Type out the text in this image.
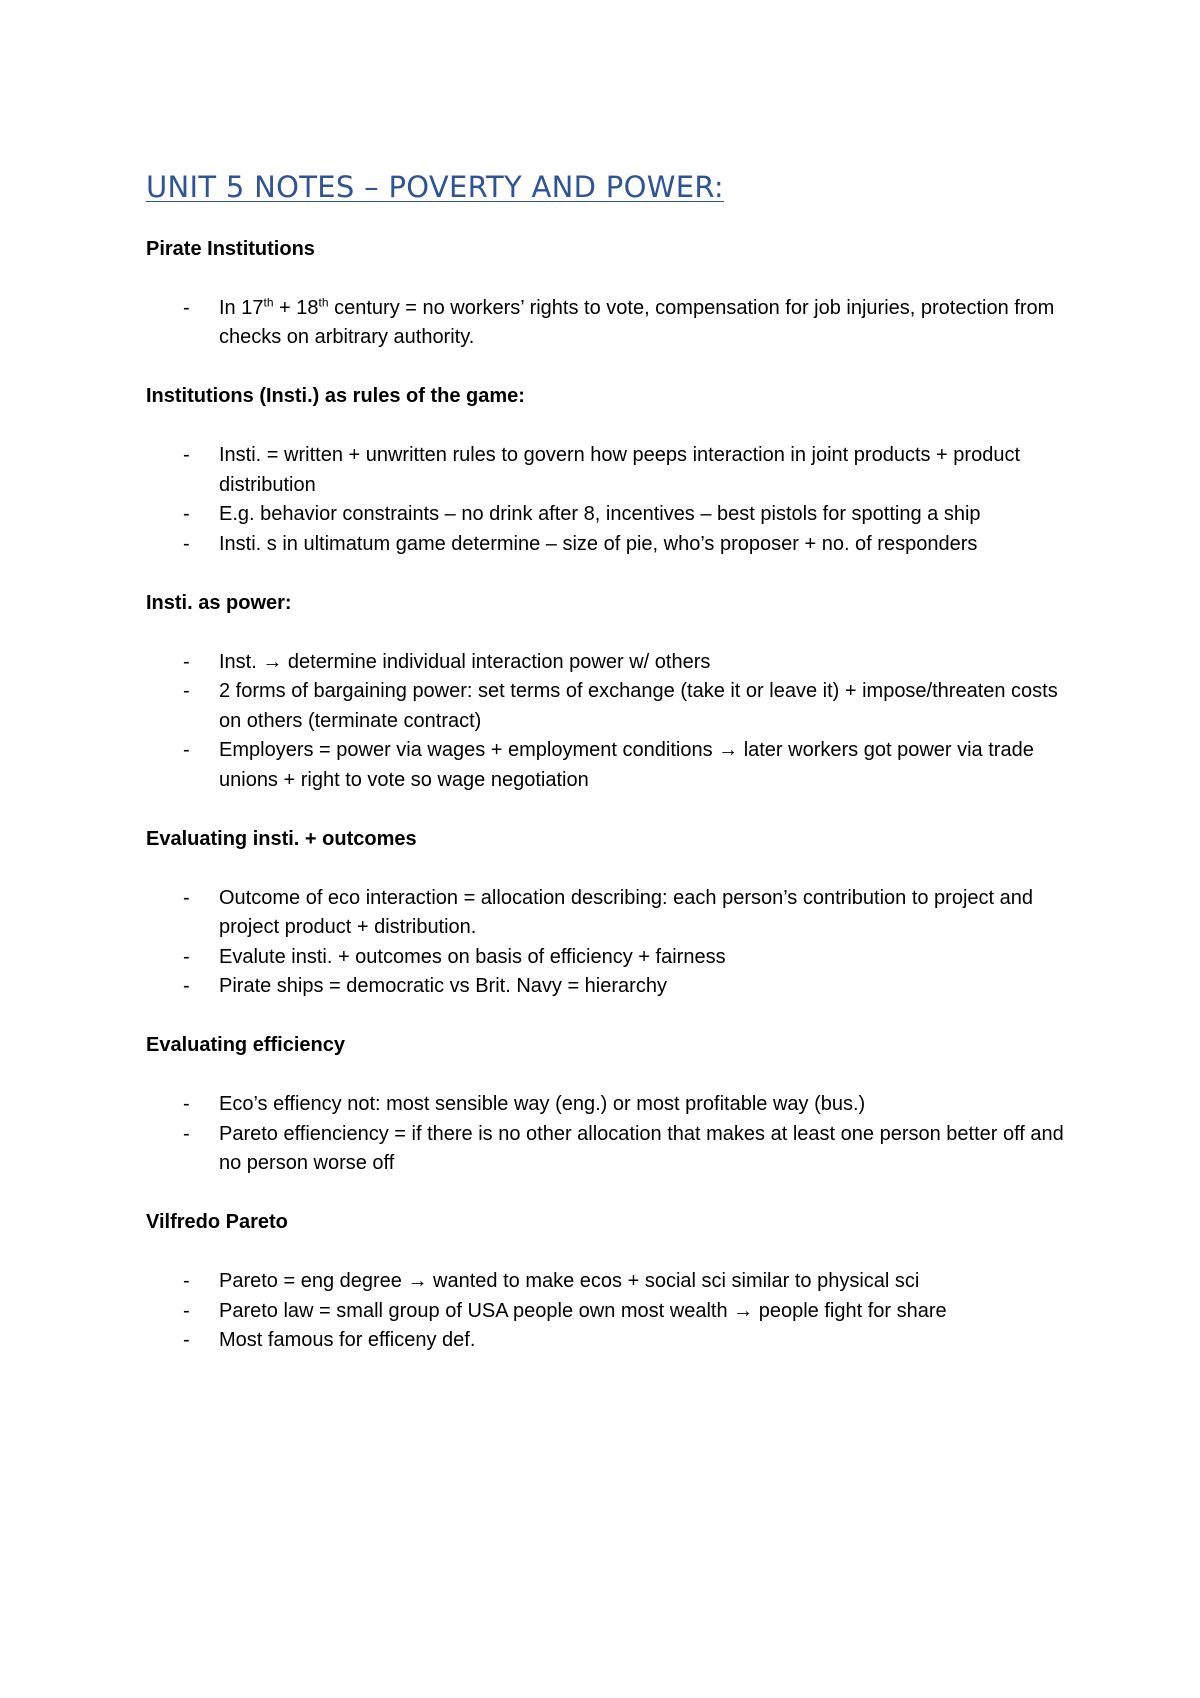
UNIT 5 NOTES – POVERTY AND POWER:
Pirate Institutions
- In 17th + 18th century = no workers’ rights to vote, compensation for job injuries, protection from checks on arbitrary authority.
Institutions (Insti.) as rules of the game:
- Insti. = written + unwritten rules to govern how peeps interaction in joint products + product distribution
- E.g. behavior constraints – no drink after 8, incentives – best pistols for spotting a ship
- Insti. s in ultimatum game determine – size of pie, who’s proposer + no. of responders
Insti. as power:
- Inst. → determine individual interaction power w/ others
- 2 forms of bargaining power: set terms of exchange (take it or leave it) + impose/threaten costs on others (terminate contract)
- Employers = power via wages + employment conditions → later workers got power via trade unions + right to vote so wage negotiation
Evaluating insti. + outcomes
- Outcome of eco interaction = allocation describing: each person’s contribution to project and project product + distribution.
- Evalute insti. + outcomes on basis of efficiency + fairness
- Pirate ships = democratic vs Brit. Navy = hierarchy
Evaluating efficiency
- Eco’s effiency not: most sensible way (eng.) or most profitable way (bus.)
- Pareto effienciency = if there is no other allocation that makes at least one person better off and no person worse off
Vilfredo Pareto
- Pareto = eng degree → wanted to make ecos + social sci similar to physical sci
- Pareto law = small group of USA people own most wealth → people fight for share
- Most famous for efficeny def.
